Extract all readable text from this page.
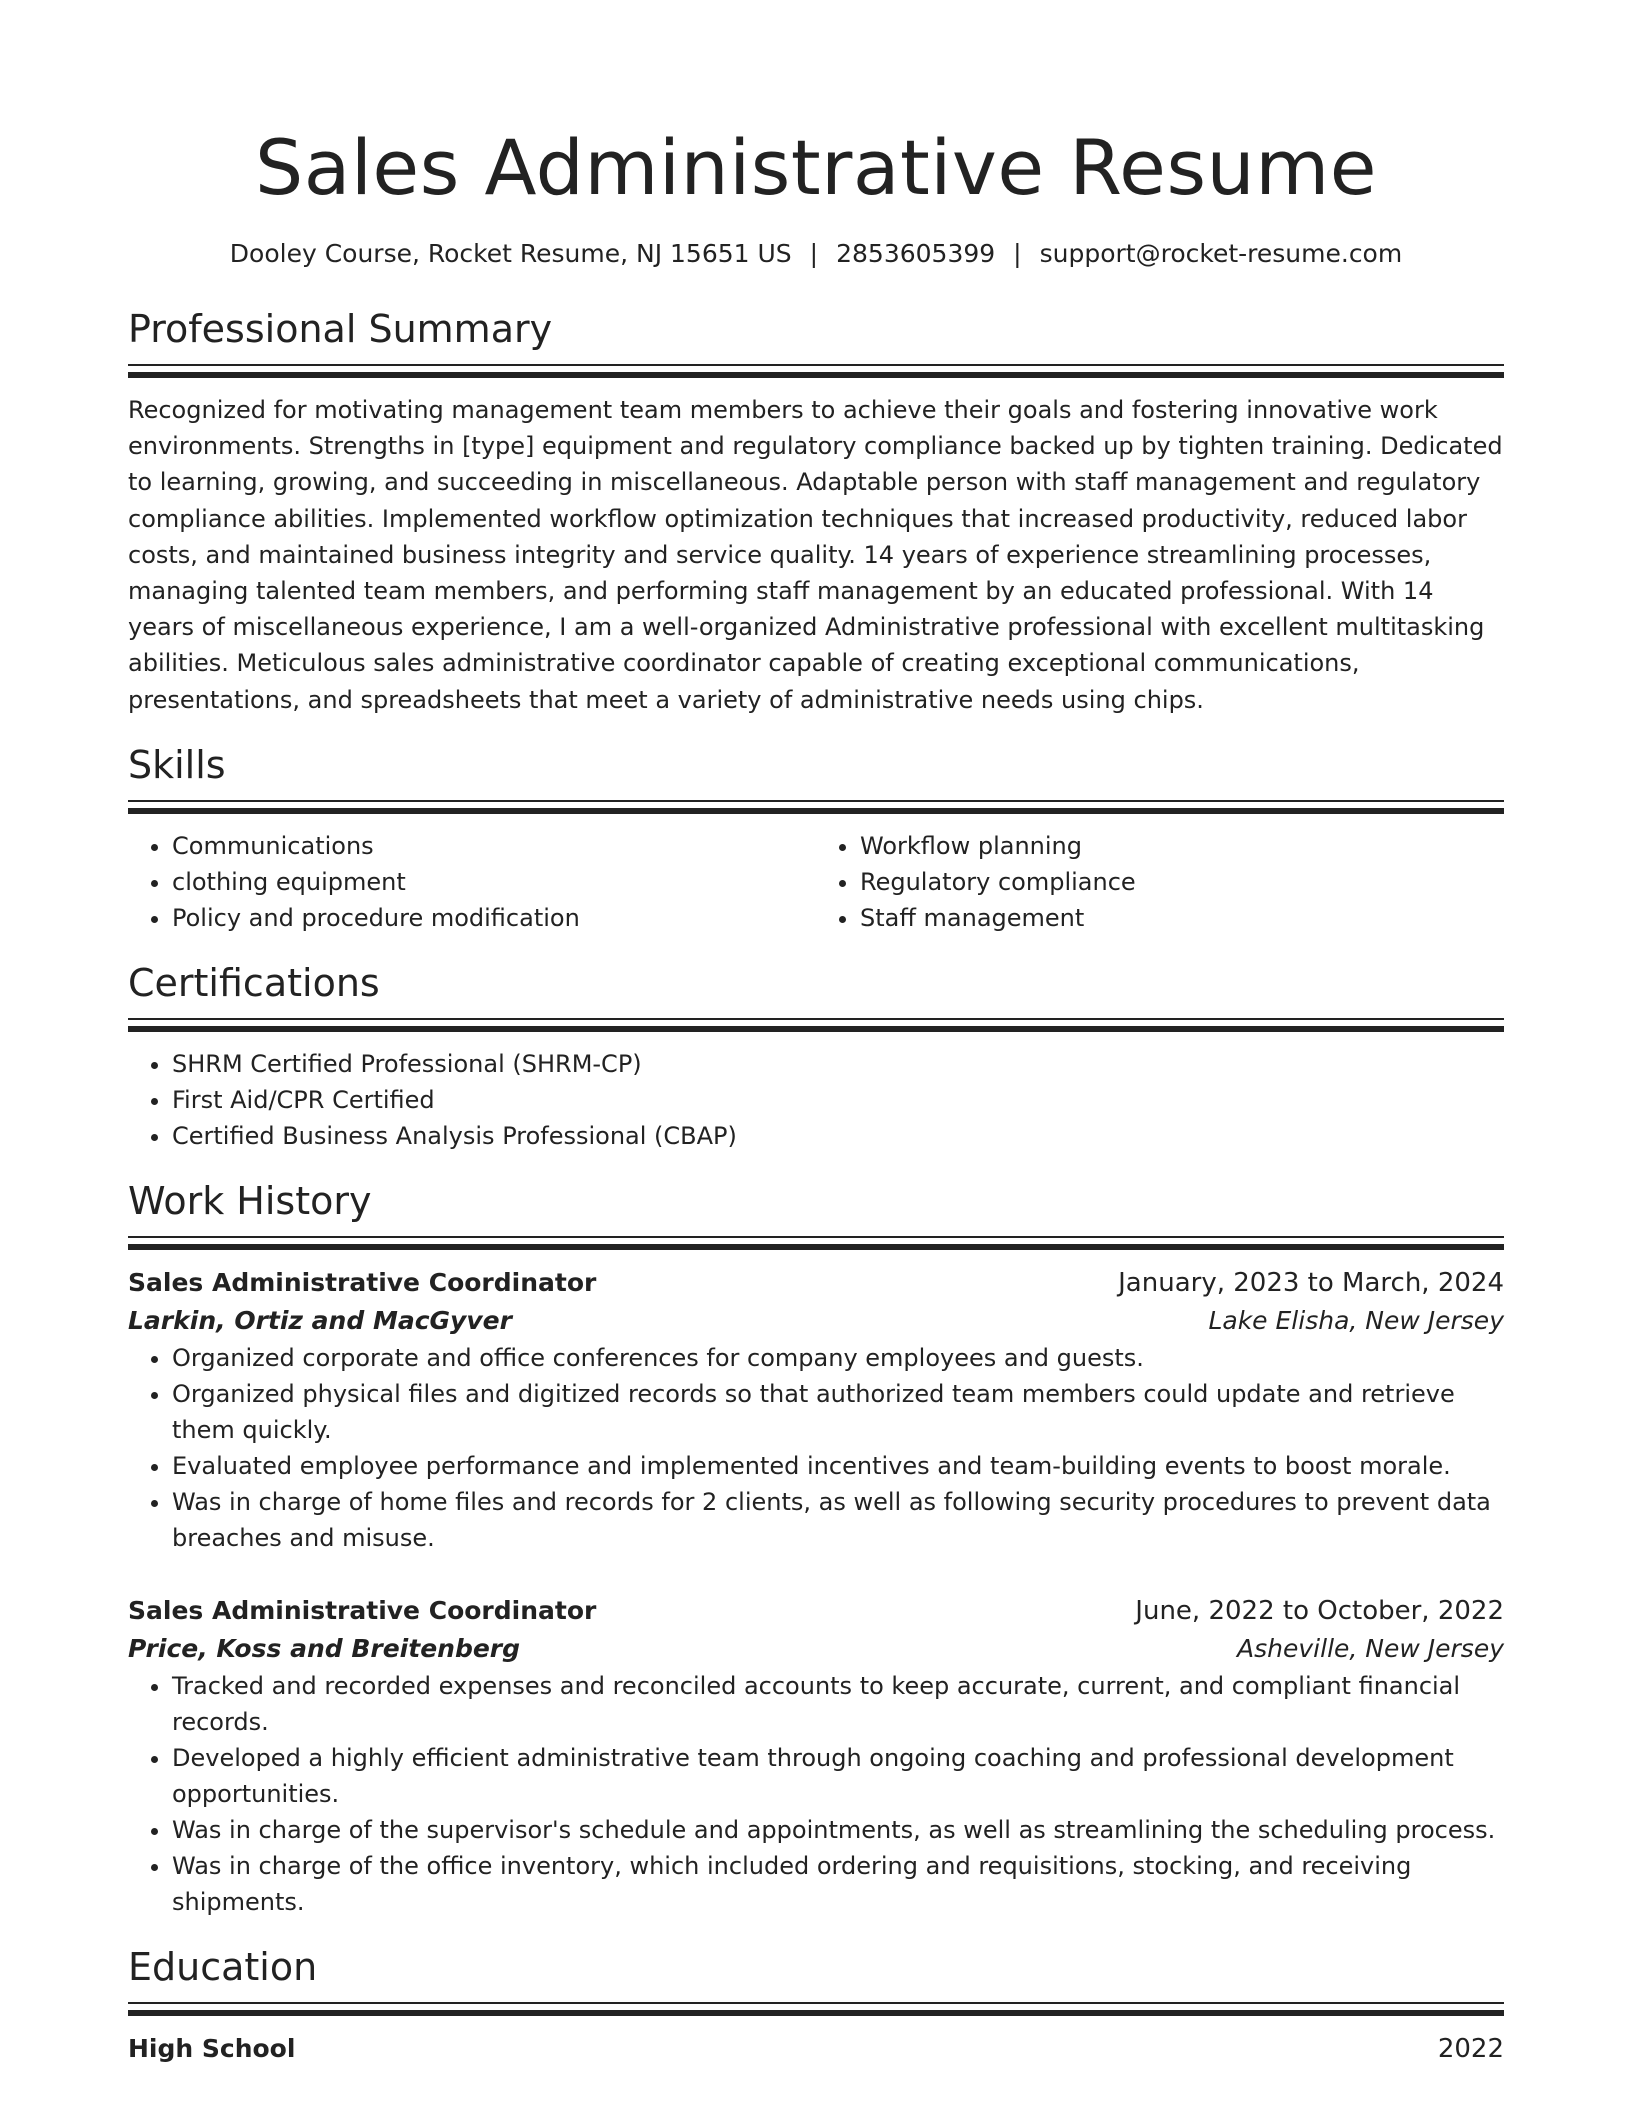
Sales Administrative Resume
Dooley Course, Rocket Resume, NJ 15651 US | 2853605399 | support@rocket-resume.com
Professional Summary

Recognized for motivating management team members to achieve their goals and fostering innovative work environments. Strengths in [type] equipment and regulatory compliance backed up by tighten training. Dedicated to learning, growing, and succeeding in miscellaneous. Adaptable person with staff management and regulatory compliance abilities. Implemented workflow optimization techniques that increased productivity, reduced labor costs, and maintained business integrity and service quality. 14 years of experience streamlining processes, managing talented team members, and performing staff management by an educated professional. With 14 years of miscellaneous experience, I am a well-organized Administrative professional with excellent multitasking abilities. Meticulous sales administrative coordinator capable of creating exceptional communications, presentations, and spreadsheets that meet a variety of administrative needs using chips.

Skills
• Communications
• clothing equipment
• Policy and procedure modification
• Workflow planning
• Regulatory compliance
• Staff management
Certifications
• SHRM Certified Professional (SHRM-CP)
• First Aid/CPR Certified
• Certified Business Analysis Professional (CBAP)
Work History
Sales Administrative Coordinator	January, 2023 to March, 2024
Larkin, Ortiz and MacGyver	Lake Elisha, New Jersey
• Organized corporate and office conferences for company employees and guests.
• Organized physical files and digitized records so that authorized team members could update and retrieve them quickly.
• Evaluated employee performance and implemented incentives and team-building events to boost morale.
• Was in charge of home files and records for 2 clients, as well as following security procedures to prevent data breaches and misuse.
Sales Administrative Coordinator	June, 2022 to October, 2022
Price, Koss and Breitenberg	Asheville, New Jersey
• Tracked and recorded expenses and reconciled accounts to keep accurate, current, and compliant financial records.
• Developed a highly efficient administrative team through ongoing coaching and professional development opportunities.
• Was in charge of the supervisor's schedule and appointments, as well as streamlining the scheduling process.
• Was in charge of the office inventory, which included ordering and requisitions, stocking, and receiving shipments.
Education
High School	2022
